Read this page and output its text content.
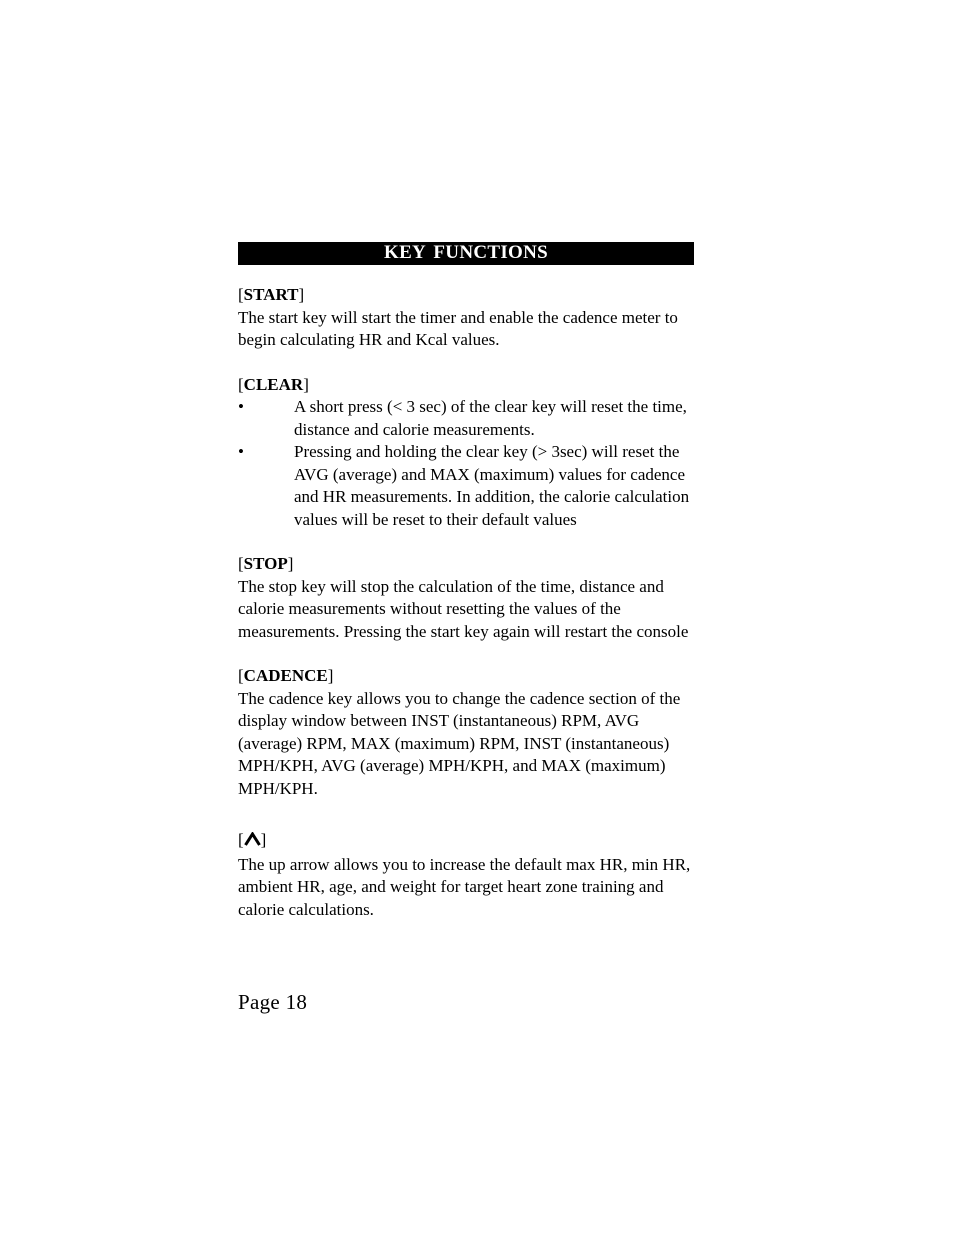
KEY FUNCTIONS
[START]
The start key will start the timer and enable the cadence meter to begin calculating HR and Kcal values.
[CLEAR]
•	A short press (< 3 sec) of the clear key will reset the time, distance and calorie measurements.
•	Pressing and holding the clear key (> 3sec) will reset the AVG (average) and MAX (maximum) values for cadence and HR measurements. In addition, the calorie calculation values will be reset to their default values
[STOP]
The stop key will stop the calculation of the time, distance and calorie measurements without resetting the values of the measurements. Pressing the start key again will restart the console
[CADENCE]
The cadence key allows you to change the cadence section of the display window between INST (instantaneous) RPM, AVG (average) RPM, MAX (maximum) RPM, INST (instantaneous) MPH/KPH, AVG (average) MPH/KPH, and MAX (maximum) MPH/KPH.
[ ]
The up arrow allows you to increase the default max HR, min HR, ambient HR, age, and weight for target heart zone training and calorie calculations.
Page 18
